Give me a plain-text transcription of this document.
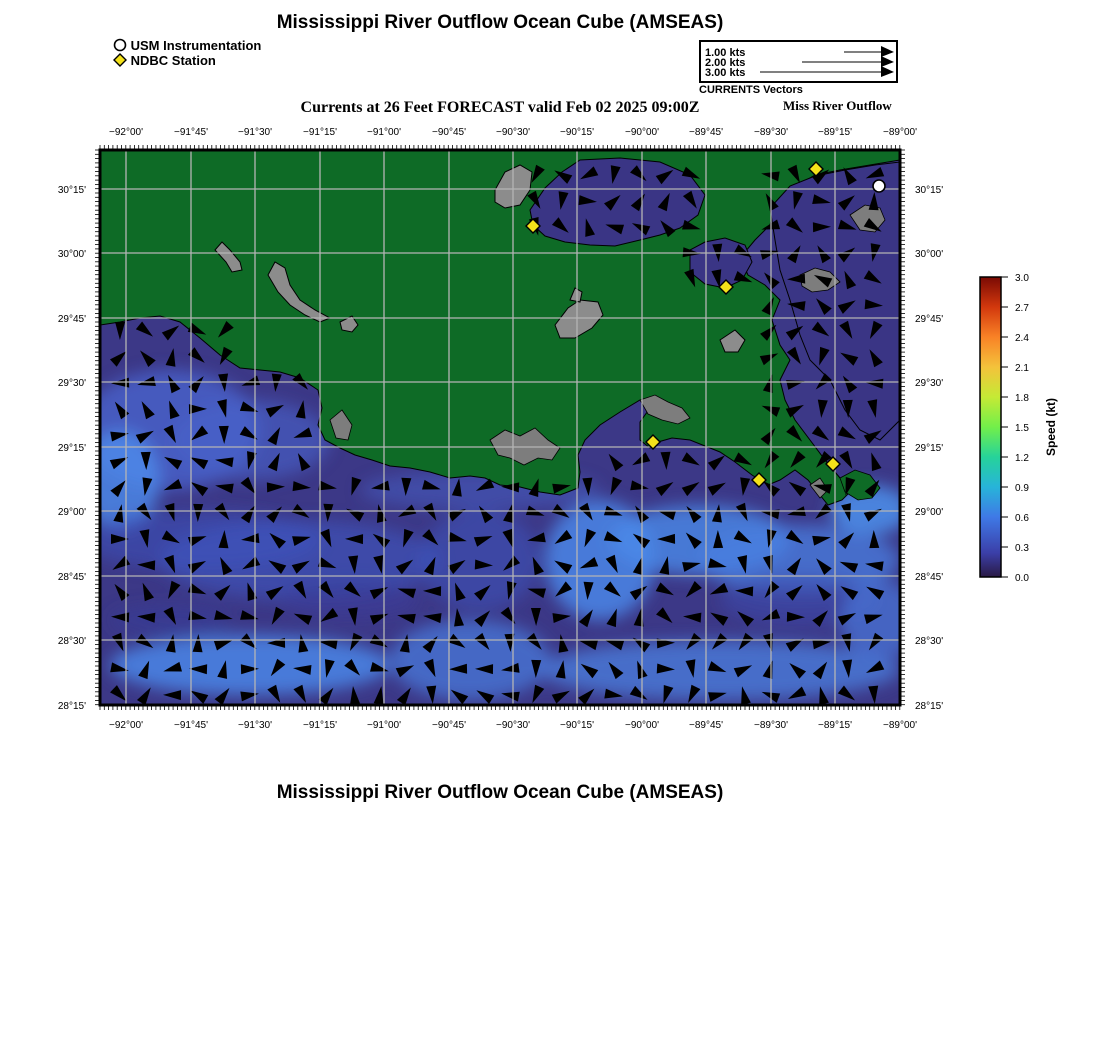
Mississippi River Outflow Ocean Cube (AMSEAS)
USM Instrumentation
NDBC Station	1.00 kts
2.00 kts
3.00 kts
CURRENTS Vectors
Currents at 26 Feet FORECAST valid Feb 02 2025 09:00Z	Miss River Outflow
−92°00'
−92°00'
−91°45'
−91°45'
−91°30'
−91°30'
−91°15'
−91°15'
−91°00'
−91°00'
−90°45'
−90°45'
−90°30'
−90°30'
−90°15'
−90°15'
−90°00'
−90°00'
−89°45'
−89°45'
−89°30'
−89°30'
−89°15'
−89°15'
−89°00'
−89°00'
30°15'	30°15'
30°00'	30°00'
29°45'	29°45'
29°30'	29°30'
29°15'	29°15'
29°00'	29°00'
28°45'	28°45'
28°30'	28°30'
28°15'	28°15'
3.0
2.7
2.4
2.1
1.8
1.5
1.2
0.9
0.6
0.3
0.0
Speed (kt)
Mississippi River Outflow Ocean Cube (AMSEAS)
